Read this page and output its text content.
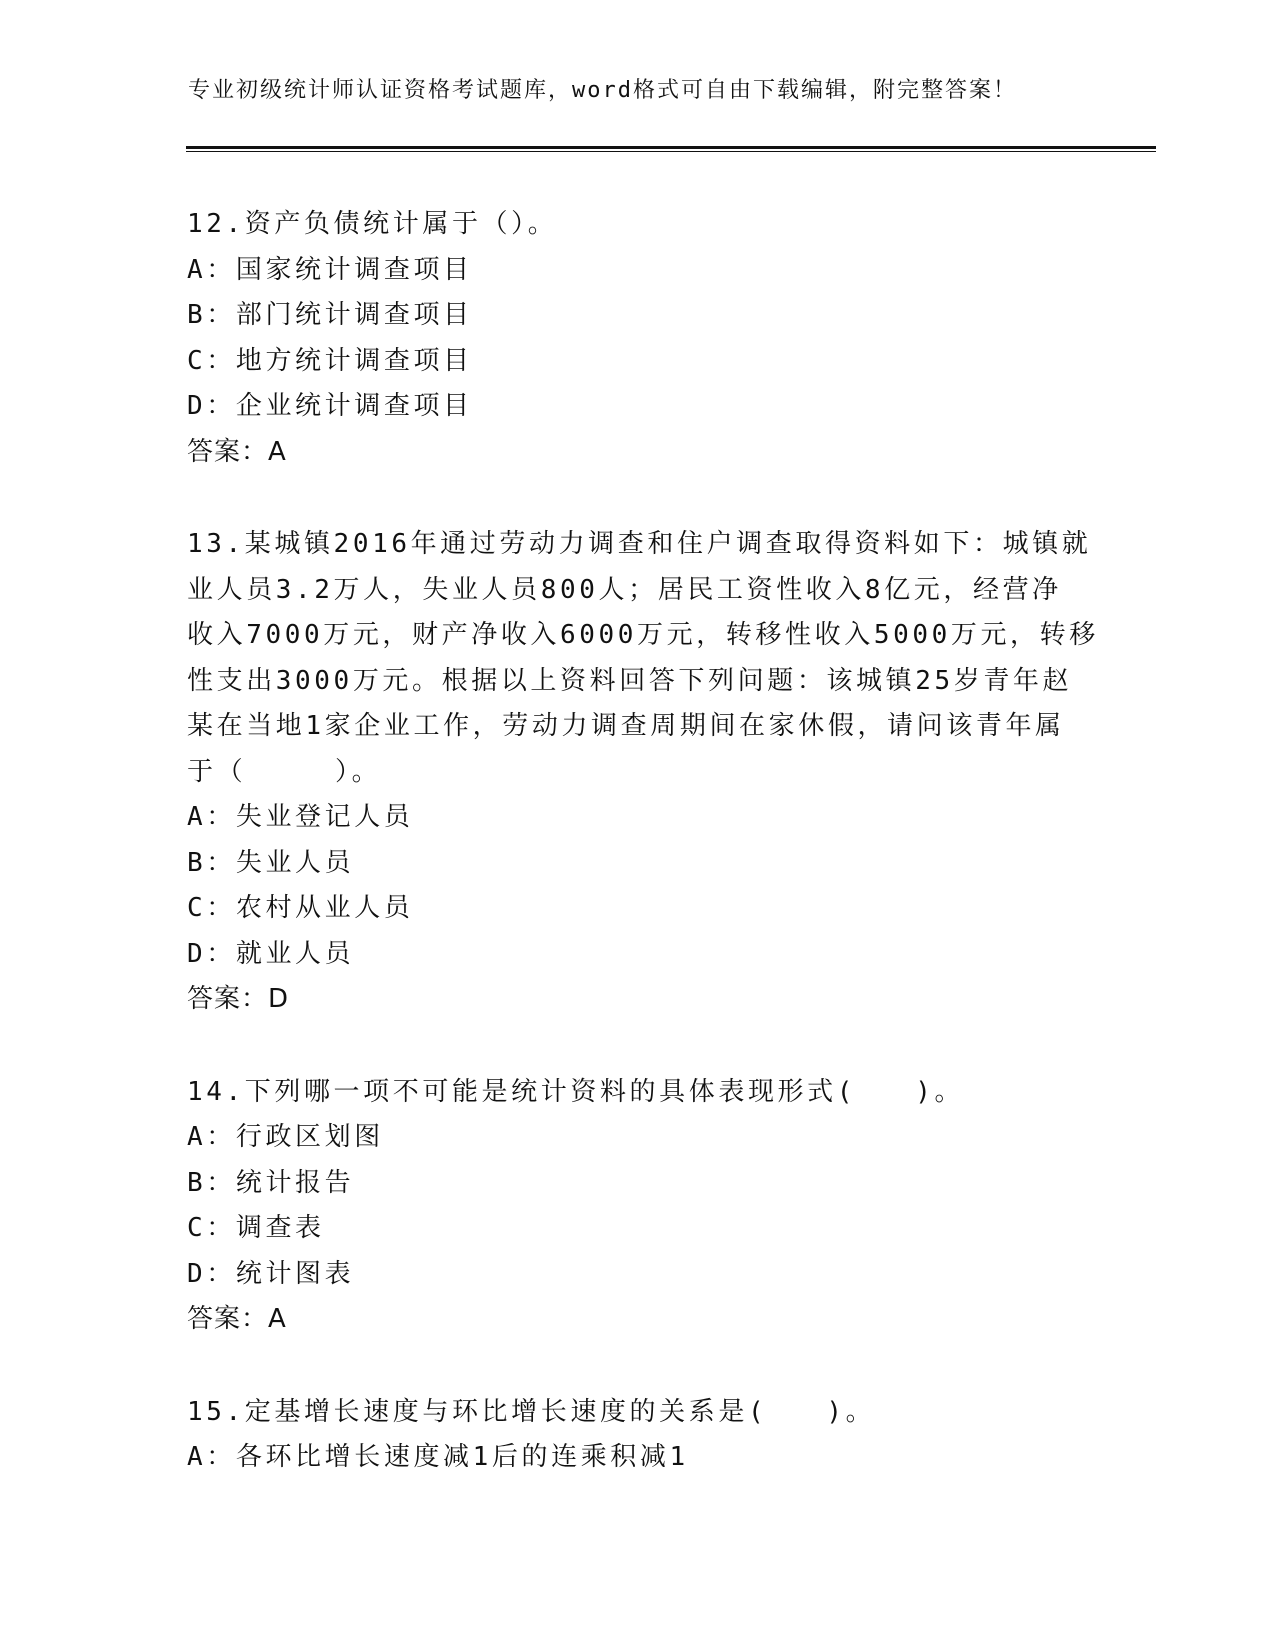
专业初级统计师认证资格考试题库，word格式可自由下载编辑，附完整答案！
12.资产负债统计属于（）。
A：国家统计调查项目
B：部门统计调查项目
C：地方统计调查项目
D：企业统计调查项目
答案：A
13.某城镇2016年通过劳动力调查和住户调查取得资料如下：城镇就
业人员3.2万人，失业人员800人；居民工资性收入8亿元，经营净
收入7000万元，财产净收入6000万元，转移性收入5000万元，转移
性支出3000万元。根据以上资料回答下列问题：该城镇25岁青年赵
某在当地1家企业工作，劳动力调查周期间在家休假，请问该青年属
于（　　　）。
A：失业登记人员
B：失业人员
C：农村从业人员
D：就业人员
答案：D
14.下列哪一项不可能是统计资料的具体表现形式(　　)。
A：行政区划图
B：统计报告
C：调查表
D：统计图表
答案：A
15.定基增长速度与环比增长速度的关系是(　　)。
A：各环比增长速度减1后的连乘积减1
